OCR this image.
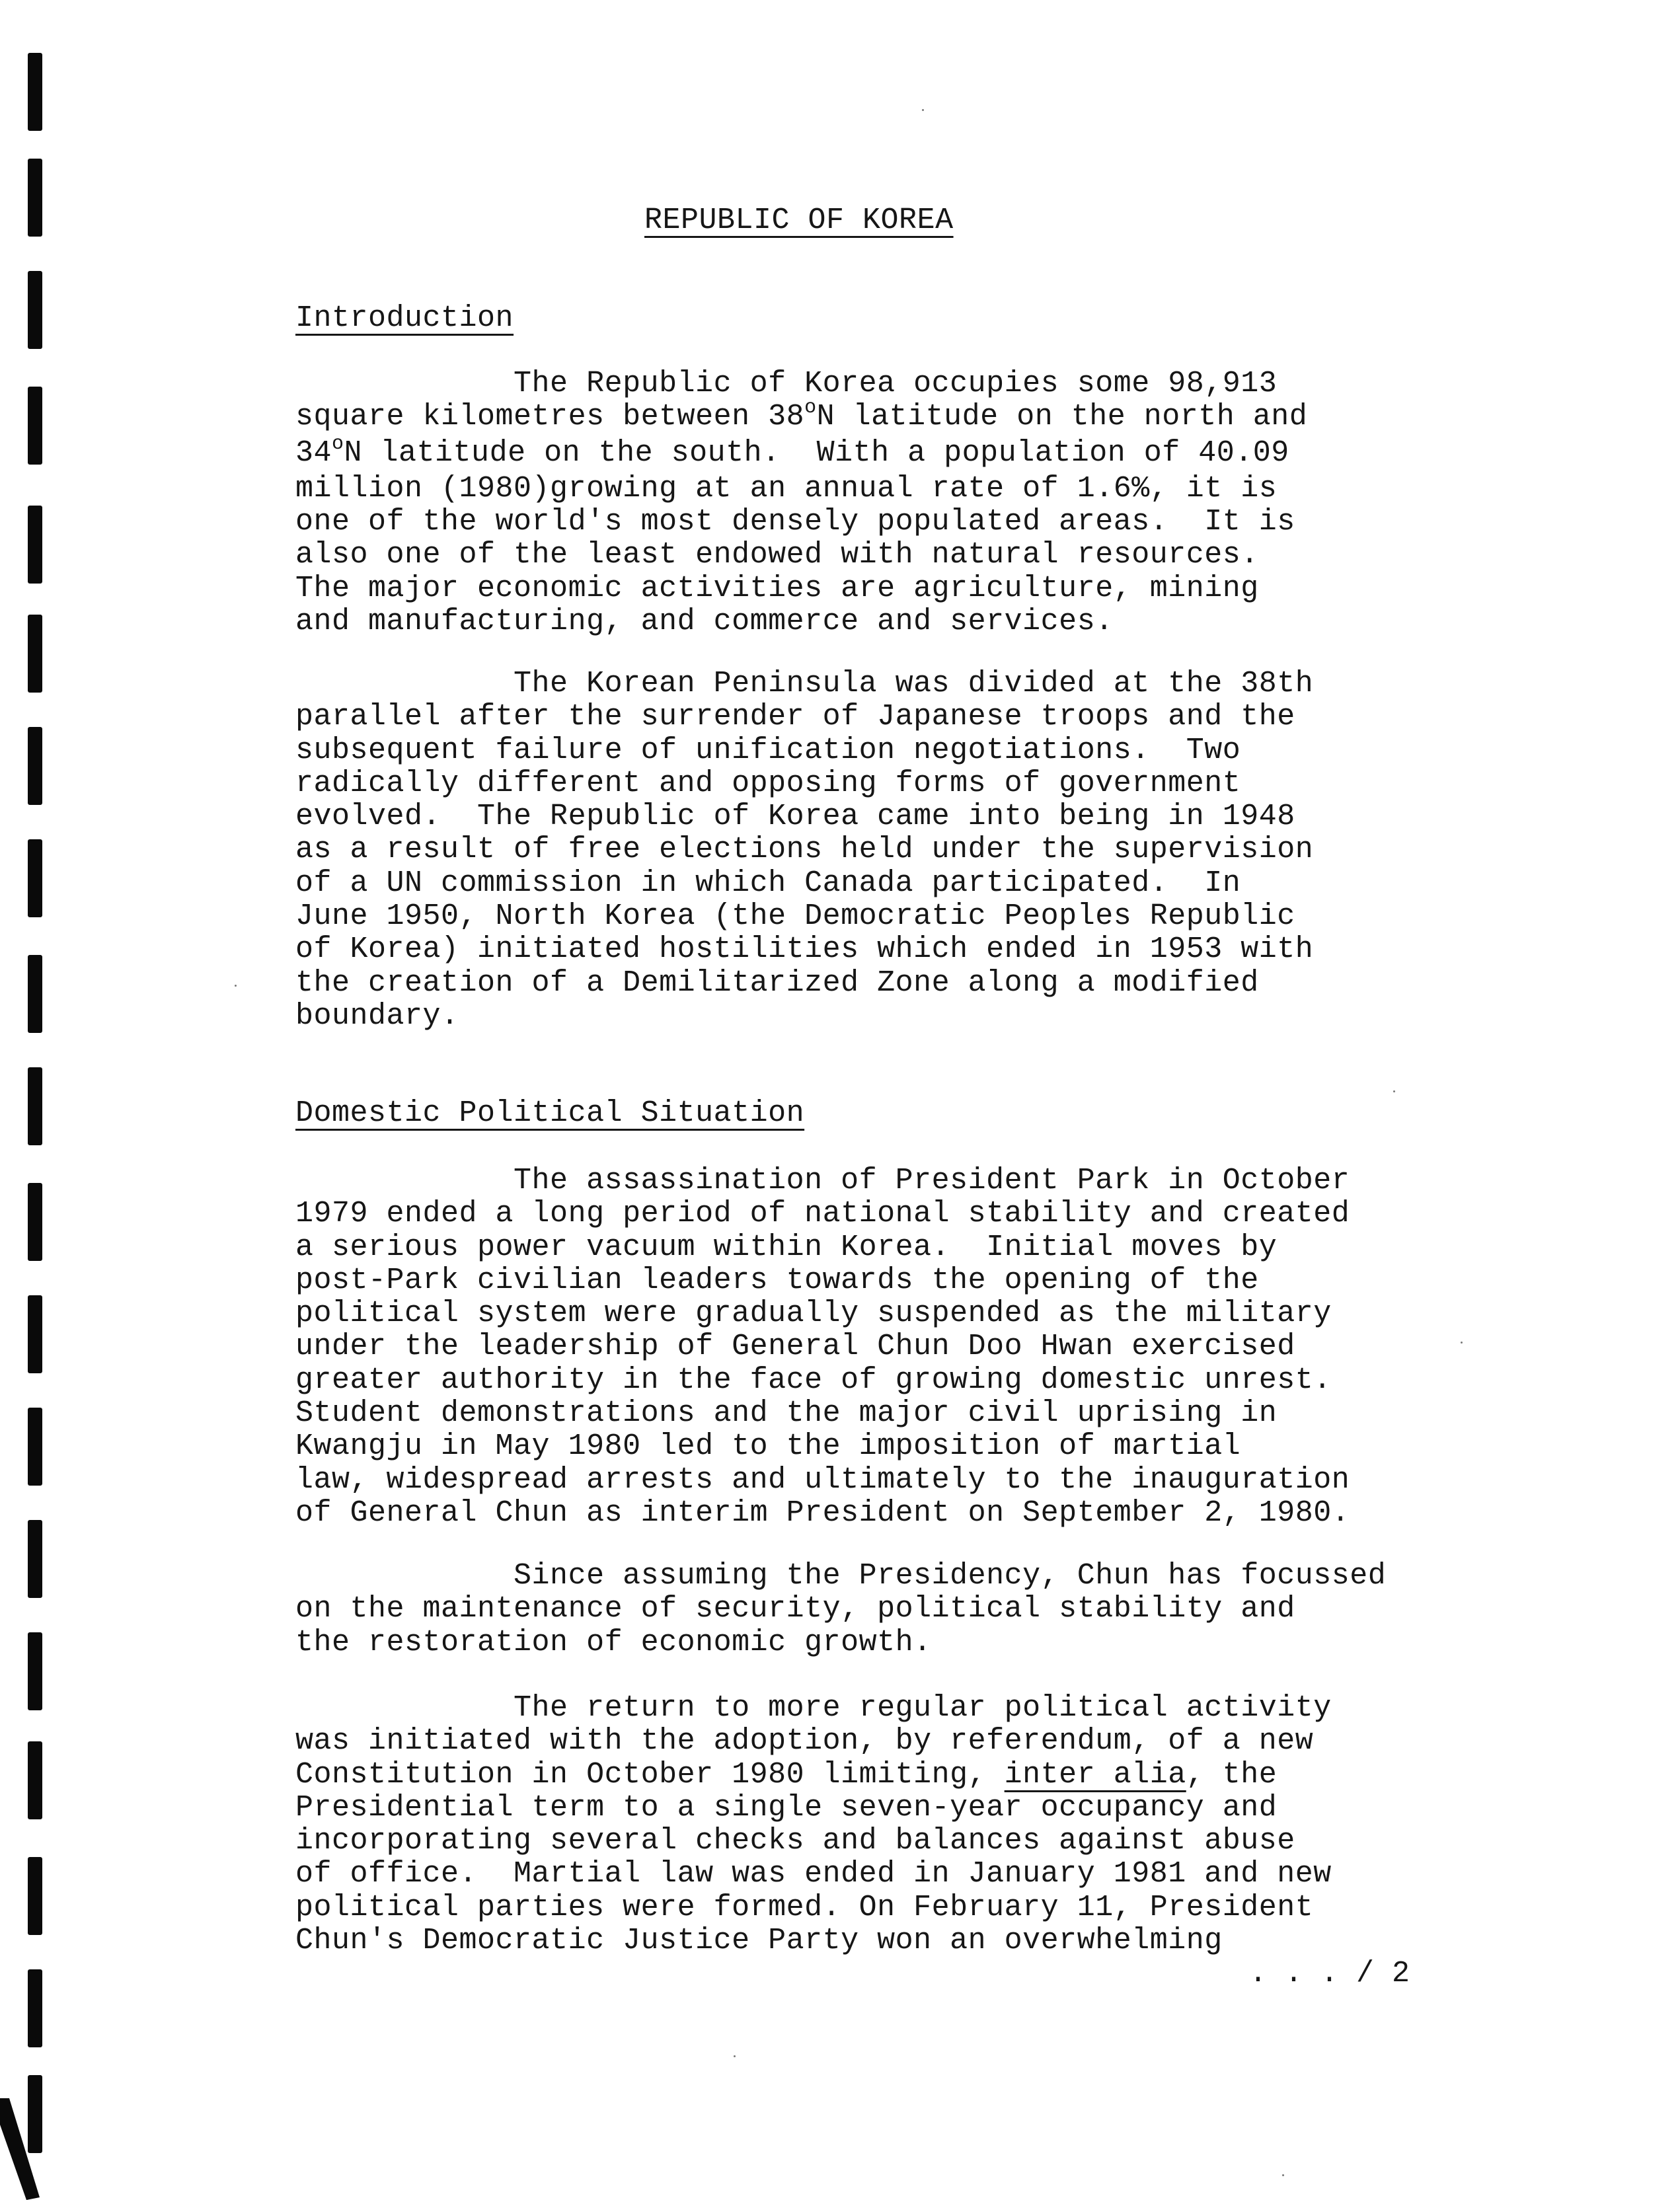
REPUBLIC OF KOREA
Introduction
The Republic of Korea occupies some 98,913
square kilometres between 38$^o$N latitude on the north and
34$^o$N latitude on the south.  With a population of 40.09
million (1980)growing at an annual rate of 1.6%, it is
one of the world's most densely populated areas.  It is
also one of the least endowed with natural resources.
The major economic activities are agriculture, mining
and manufacturing, and commerce and services.
The Korean Peninsula was divided at the 38th
parallel after the surrender of Japanese troops and the
subsequent failure of unification negotiations.  Two
radically different and opposing forms of government
evolved.  The Republic of Korea came into being in 1948
as a result of free elections held under the supervision
of a UN commission in which Canada participated.  In
June 1950, North Korea (the Democratic Peoples Republic
of Korea) initiated hostilities which ended in 1953 with
the creation of a Demilitarized Zone along a modified
boundary.
Domestic Political Situation
The assassination of President Park in October
1979 ended a long period of national stability and created
a serious power vacuum within Korea.  Initial moves by
post-Park civilian leaders towards the opening of the
political system were gradually suspended as the military
under the leadership of General Chun Doo Hwan exercised
greater authority in the face of growing domestic unrest.
Student demonstrations and the major civil uprising in
Kwangju in May 1980 led to the imposition of martial
law, widespread arrests and ultimately to the inauguration
of General Chun as interim President on September 2, 1980.
Since assuming the Presidency, Chun has focussed
on the maintenance of security, political stability and
the restoration of economic growth.
The return to more regular political activity
was initiated with the adoption, by referendum, of a new
Constitution in October 1980 limiting, inter alia, the
Presidential term to a single seven-year occupancy and
incorporating several checks and balances against abuse
of office.  Martial law was ended in January 1981 and new
political parties were formed. On February 11, President
Chun's Democratic Justice Party won an overwhelming
. . . / 2
